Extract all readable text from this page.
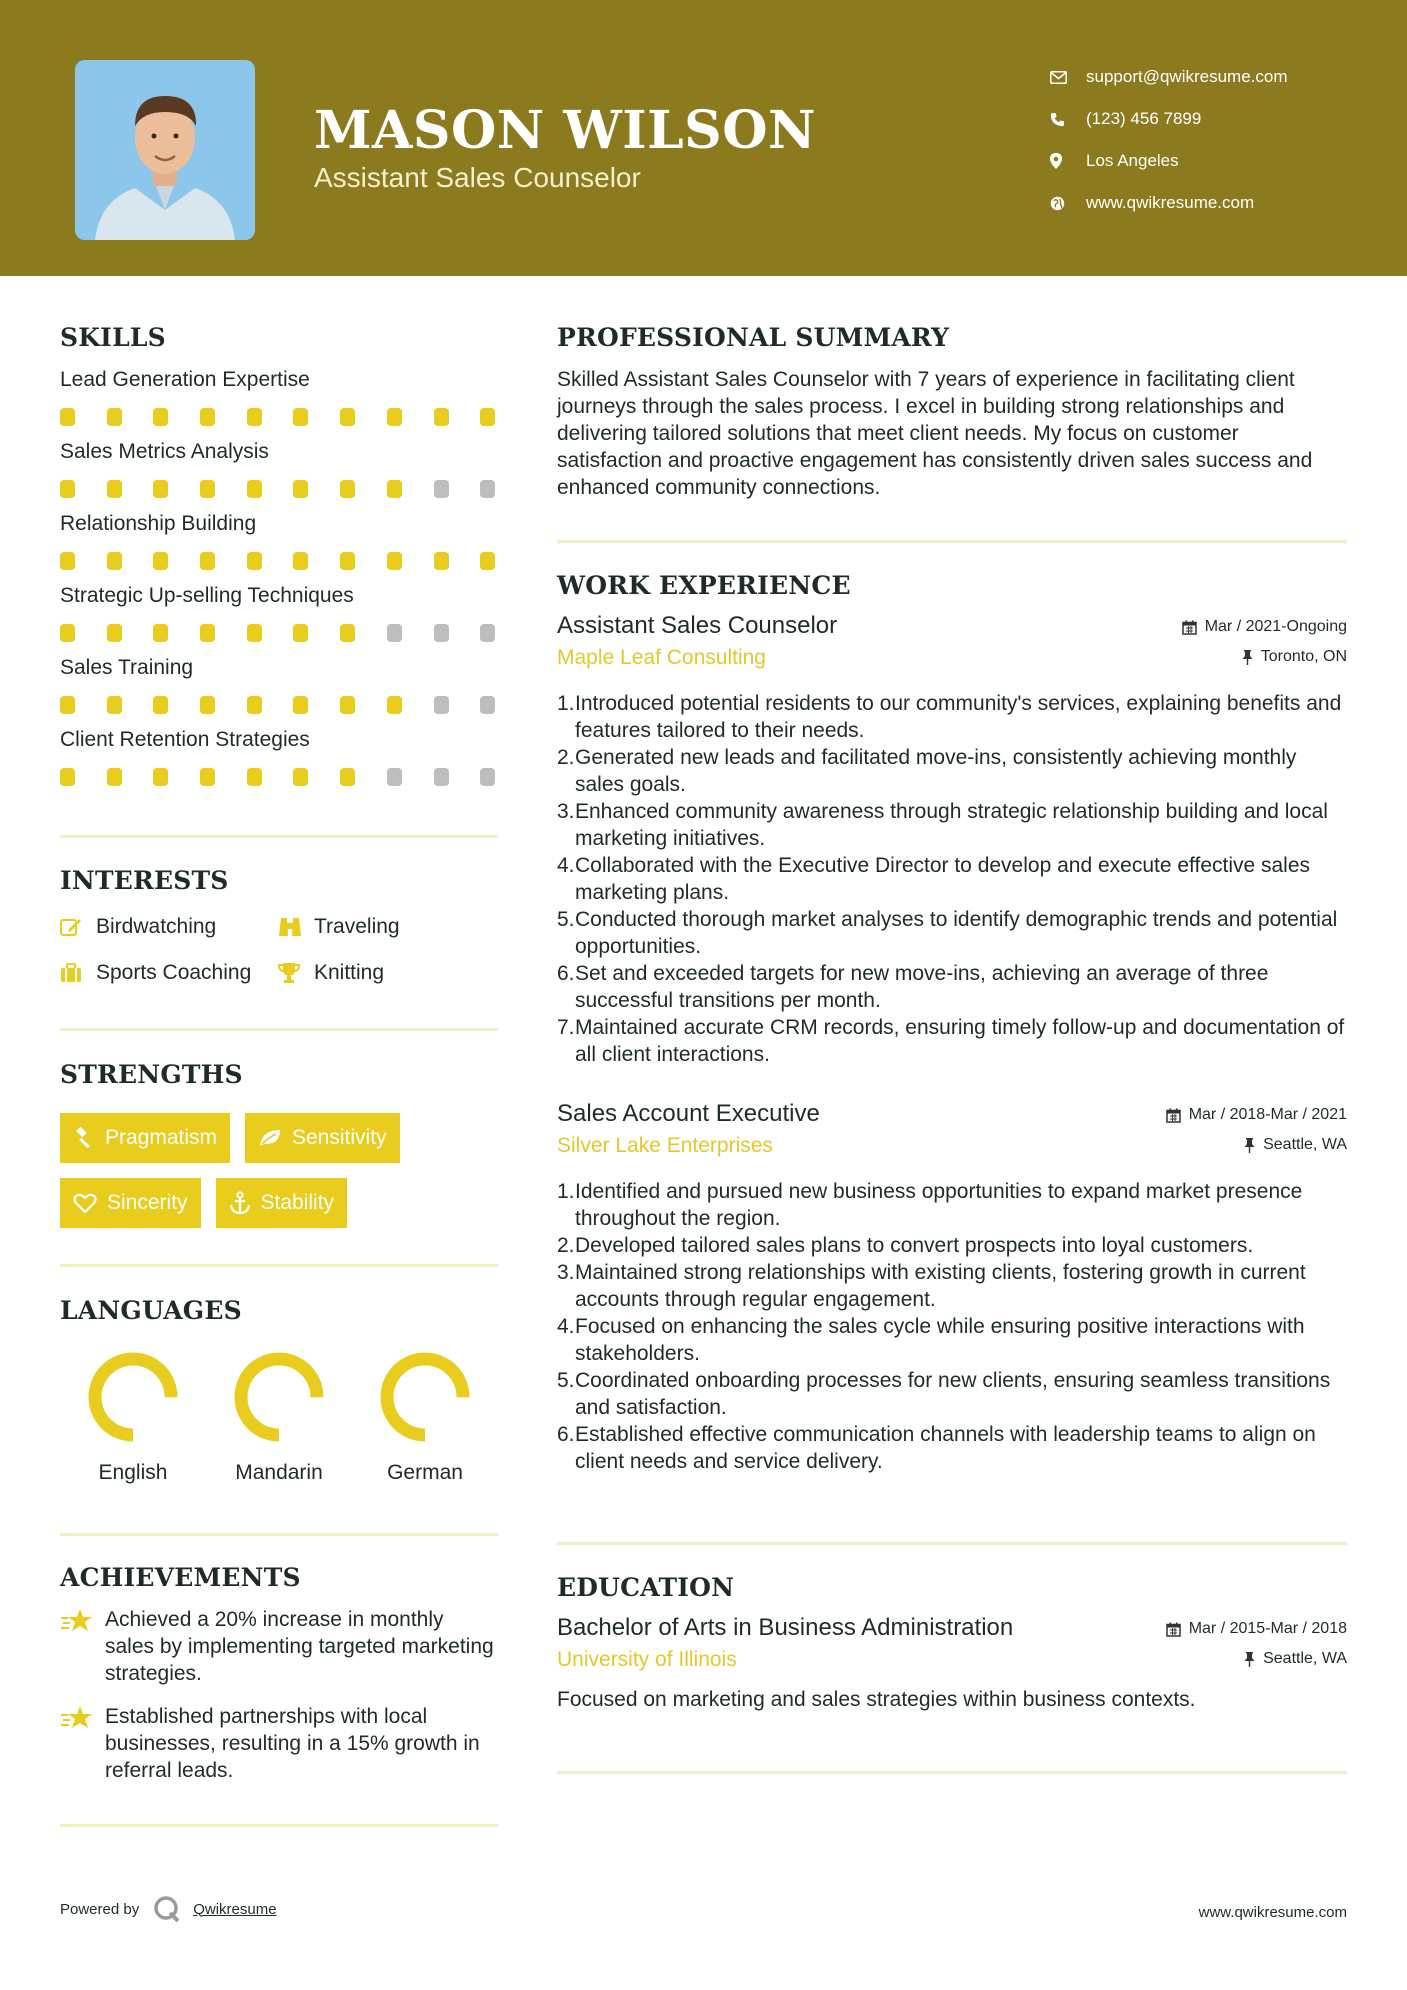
MASON WILSON
Assistant Sales Counselor
support@qwikresume.com
(123) 456 7899
Los Angeles
www.qwikresume.com
SKILLS
Lead Generation Expertise
Sales Metrics Analysis
Relationship Building
Strategic Up-selling Techniques
Sales Training
Client Retention Strategies
INTERESTS
Birdwatching	Traveling
Sports Coaching	Knitting
STRENGTHS
Pragmatism	Sensitivity
Sincerity	Stability
LANGUAGES
English	Mandarin	German
ACHIEVEMENTS
Achieved a 20% increase in monthly sales by implementing targeted marketing strategies.
Established partnerships with local businesses, resulting in a 15% growth in referral leads.
PROFESSIONAL SUMMARY
Skilled Assistant Sales Counselor with 7 years of experience in facilitating client journeys through the sales process. I excel in building strong relationships and delivering tailored solutions that meet client needs. My focus on customer satisfaction and proactive engagement has consistently driven sales success and enhanced community connections.
WORK EXPERIENCE
Assistant Sales Counselor
Maple Leaf Consulting
Mar / 2021-Ongoing
Toronto, ON
1. Introduced potential residents to our community's services, explaining benefits and features tailored to their needs.
2. Generated new leads and facilitated move-ins, consistently achieving monthly sales goals.
3. Enhanced community awareness through strategic relationship building and local marketing initiatives.
4. Collaborated with the Executive Director to develop and execute effective sales marketing plans.
5. Conducted thorough market analyses to identify demographic trends and potential opportunities.
6. Set and exceeded targets for new move-ins, achieving an average of three successful transitions per month.
7. Maintained accurate CRM records, ensuring timely follow-up and documentation of all client interactions.
Sales Account Executive
Silver Lake Enterprises
Mar / 2018-Mar / 2021
Seattle, WA
1. Identified and pursued new business opportunities to expand market presence throughout the region.
2. Developed tailored sales plans to convert prospects into loyal customers.
3. Maintained strong relationships with existing clients, fostering growth in current accounts through regular engagement.
4. Focused on enhancing the sales cycle while ensuring positive interactions with stakeholders.
5. Coordinated onboarding processes for new clients, ensuring seamless transitions and satisfaction.
6. Established effective communication channels with leadership teams to align on client needs and service delivery.
EDUCATION
Bachelor of Arts in Business Administration
University of Illinois
Mar / 2015-Mar / 2018
Seattle, WA
Focused on marketing and sales strategies within business contexts.
Powered by	Qwikresume	www.qwikresume.com
